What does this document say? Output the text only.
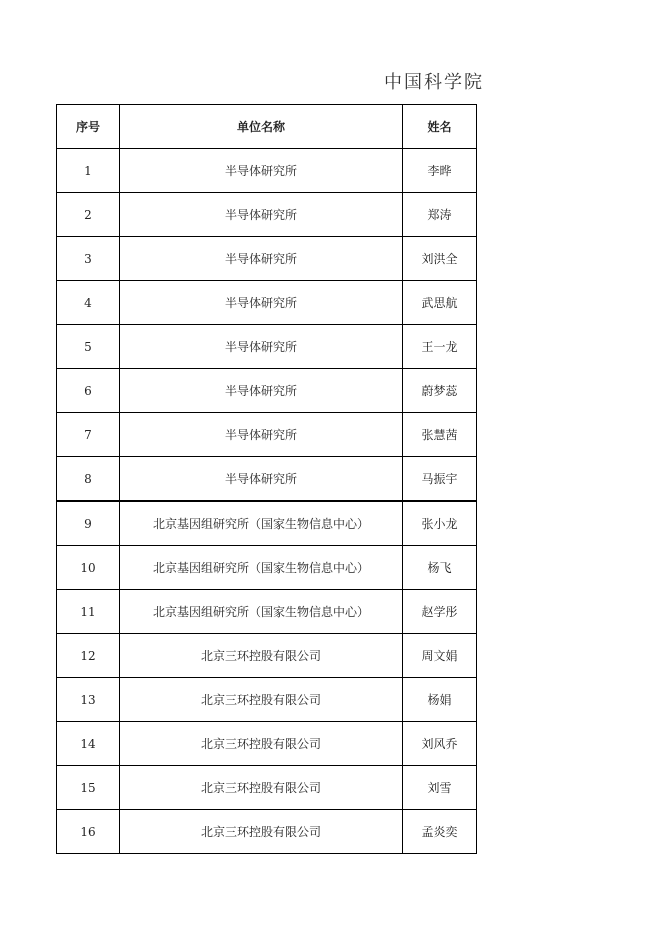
中国科学院
序号	单位名称	姓名
1	半导体研究所	李晔
2	半导体研究所	郑涛
3	半导体研究所	刘洪全
4	半导体研究所	武思航
5	半导体研究所	王一龙
6	半导体研究所	蔚梦蕊
7	半导体研究所	张慧茜
8	半导体研究所	马振宇
9	北京基因组研究所（国家生物信息中心）	张小龙
10	北京基因组研究所（国家生物信息中心）	杨飞
11	北京基因组研究所（国家生物信息中心）	赵学彤
12	北京三环控股有限公司	周文娟
13	北京三环控股有限公司	杨娟
14	北京三环控股有限公司	刘风乔
15	北京三环控股有限公司	刘雪
16	北京三环控股有限公司	孟炎奕
